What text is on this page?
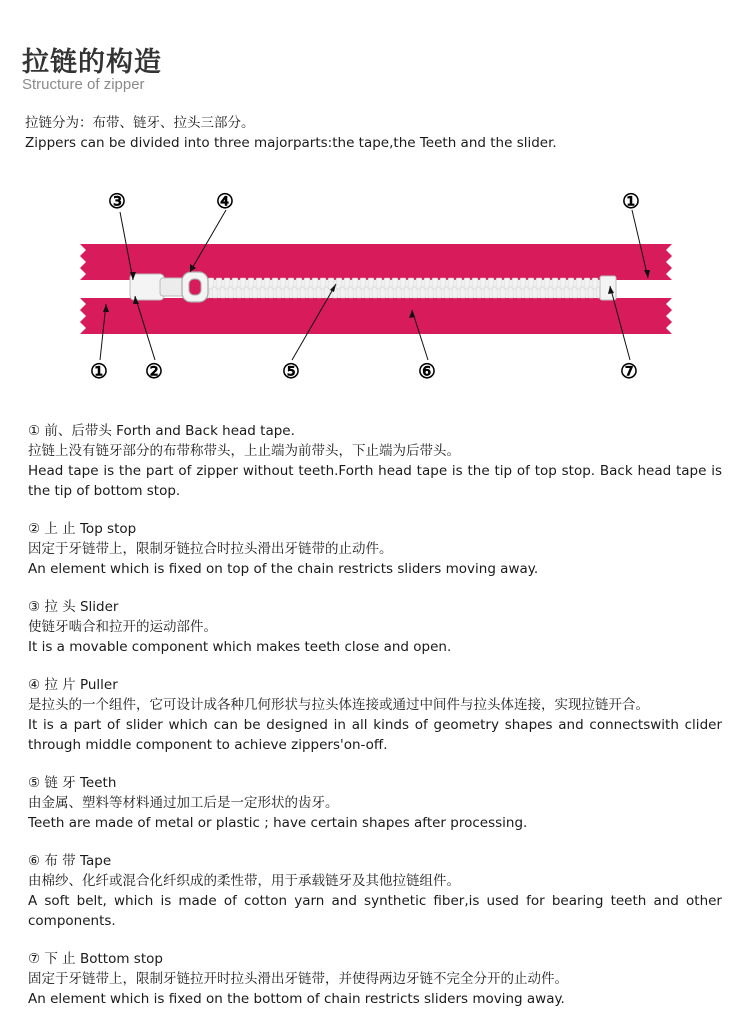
拉链的构造
Structure of zipper
拉链分为：布带、链牙、拉头三部分。
Zippers can be divided into three majorparts:the tape,the Teeth and the slider.
③	④	①
① ②	⑤	⑥	⑦
① 前、后带头 Forth and Back head tape.
拉链上没有链牙部分的布带称带头，上止端为前带头，下止端为后带头。
Head tape is the part of zipper without teeth.Forth head tape is the tip of top stop. Back head tape is the tip of bottom stop.
② 上 止 Top stop
因定于牙链带上，限制牙链拉合时拉头滑出牙链带的止动件。
An element which is fixed on top of the chain restricts sliders moving away.
③ 拉 头 Slider
使链牙啮合和拉开的运动部件。
It is a movable component which makes teeth close and open.
④ 拉 片 Puller
是拉头的一个组件，它可设计成各种几何形状与拉头体连接或通过中间件与拉头体连接，实现拉链开合。
It is a part of slider which can be designed in all kinds of geometry shapes and connectswith clider through middle component to achieve zippers'on-off.
⑤ 链 牙 Teeth
由金属、塑料等材料通过加工后是一定形状的齿牙。
Teeth are made of metal or plastic ; have certain shapes after processing.
⑥ 布 带 Tape
由棉纱、化纤或混合化纤织成的柔性带，用于承载链牙及其他拉链组件。
A soft belt, which is made of cotton yarn and synthetic fiber,is used for bearing teeth and other components.
⑦ 下 止 Bottom stop
固定于牙链带上，限制牙链拉开时拉头滑出牙链带，并使得两边牙链不完全分开的止动件。
An element which is fixed on the bottom of chain restricts sliders moving away.
